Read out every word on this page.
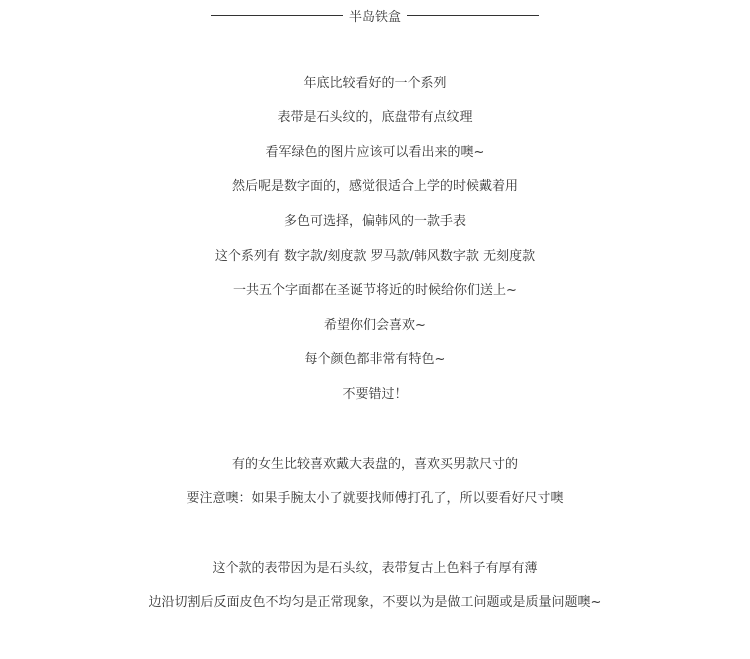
半岛铁盒
年底比较看好的一个系列
表带是石头纹的，底盘带有点纹理
看军绿色的图片应该可以看出来的噢~
然后呢是数字面的，感觉很适合上学的时候戴着用
多色可选择，偏韩风的一款手表
这个系列有 数字款/刻度款 罗马款/韩风数字款 无刻度款
一共五个字面都在圣诞节将近的时候给你们送上~
希望你们会喜欢~
每个颜色都非常有特色~
不要错过！
有的女生比较喜欢戴大表盘的，喜欢买男款尺寸的
要注意噢：如果手腕太小了就要找师傅打孔了，所以要看好尺寸噢
这个款的表带因为是石头纹，表带复古上色料子有厚有薄
边沿切割后反面皮色不均匀是正常现象，不要以为是做工问题或是质量问题噢~
